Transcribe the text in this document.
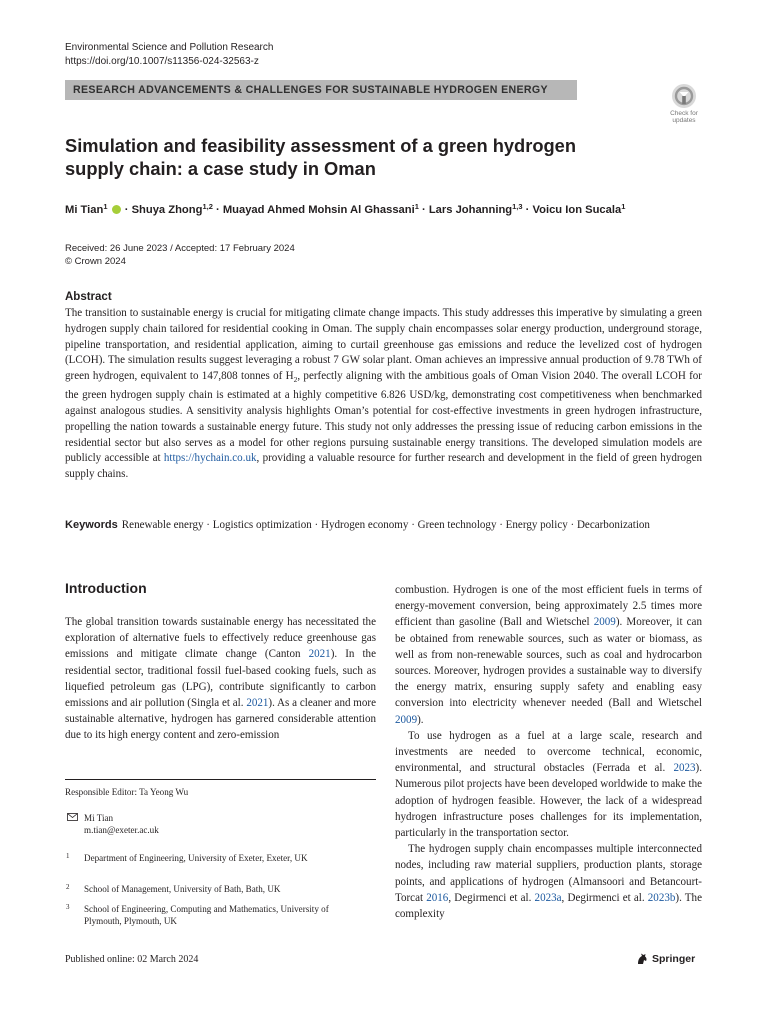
Environmental Science and Pollution Research
https://doi.org/10.1007/s11356-024-32563-z
RESEARCH ADVANCEMENTS & CHALLENGES FOR SUSTAINABLE HYDROGEN ENERGY
Check for
updates
Simulation and feasibility assessment of a green hydrogen supply chain: a case study in Oman
Mi Tian$^1$  · Shuya Zhong$^{1,2}$ · Muayad Ahmed Mohsin Al Ghassani$^1$ · Lars Johanning$^{1,3}$ · Voicu Ion Sucala$^1$
Received: 26 June 2023 / Accepted: 17 February 2024
© Crown 2024
Abstract
The transition to sustainable energy is crucial for mitigating climate change impacts. This study addresses this imperative by simulating a green hydrogen supply chain tailored for residential cooking in Oman. The supply chain encompasses solar energy production, underground storage, pipeline transportation, and residential application, aiming to curtail greenhouse gas emissions and reduce the levelized cost of hydrogen (LCOH). The simulation results suggest leveraging a robust 7 GW solar plant. Oman achieves an impressive annual production of 9.78 TWh of green hydrogen, equivalent to 147,808 tonnes of $H_2$, perfectly aligning with the ambitious goals of Oman Vision 2040. The overall LCOH for the green hydrogen supply chain is estimated at a highly competitive 6.826 USD/kg, demonstrating cost competitiveness when benchmarked against analogous studies. A sensitivity analysis highlights Oman’s potential for cost-effective investments in green hydrogen infrastructure, propelling the nation towards a sustainable energy future. This study not only addresses the pressing issue of reducing carbon emissions in the residential sector but also serves as a model for other regions pursuing sustainable energy transitions. The developed simulation models are publicly accessible at https://hychain.co.uk, providing a valuable resource for further research and development in the field of green hydrogen supply chains.
Keywords Renewable energy · Logistics optimization · Hydrogen economy · Green technology · Energy policy · Decarbonization
Introduction

The global transition towards sustainable energy has necessitated the exploration of alternative fuels to effectively reduce greenhouse gas emissions and mitigate climate change (Canton 2021). In the residential sector, traditional fossil fuel-based cooking fuels, such as liquefied petroleum gas (LPG), contribute significantly to carbon emissions and air pollution (Singla et al. 2021). As a cleaner and more sustainable alternative, hydrogen has garnered considerable attention due to its high energy content and zero-emission

combustion. Hydrogen is one of the most efficient fuels in terms of energy-movement conversion, being approximately 2.5 times more efficient than gasoline (Ball and Wietschel 2009). Moreover, it can be obtained from renewable sources, such as water or biomass, as well as from non-renewable sources, such as coal and hydrocarbon sources. Moreover, hydrogen provides a sustainable way to diversify the energy matrix, ensuring supply safety and enabling easy conversion into electricity whenever needed (Ball and Wietschel 2009).

To use hydrogen as a fuel at a large scale, research and investments are needed to overcome technical, economic, environmental, and structural obstacles (Ferrada et al. 2023). Numerous pilot projects have been developed worldwide to make the adoption of hydrogen feasible. However, the lack of a widespread hydrogen infrastructure poses challenges for its implementation, particularly in the transportation sector.

The hydrogen supply chain encompasses multiple interconnected nodes, including raw material suppliers, production plants, storage points, and applications of hydrogen (Almansoori and Betancourt-Torcat 2016, Degirmenci et al. 2023a, Degirmenci et al. 2023b). The complexity

Responsible Editor: Ta Yeong Wu
Mi Tian
m.tian@exeter.ac.uk
1 Department of Engineering, University of Exeter, Exeter, UK
2 School of Management, University of Bath, Bath, UK
3 School of Engineering, Computing and Mathematics, University of Plymouth, Plymouth, UK
Published online: 02 March 2024	Springer
